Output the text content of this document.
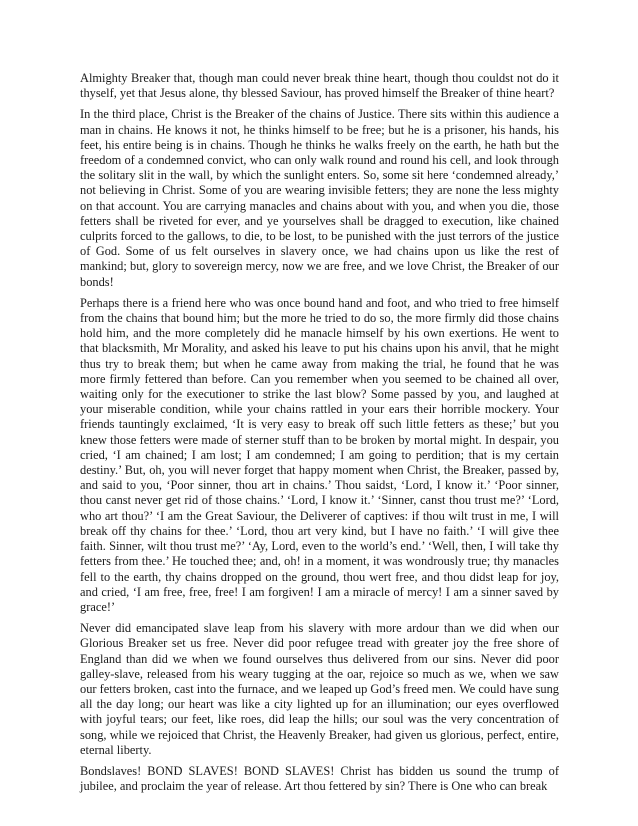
Almighty Breaker that, though man could never break thine heart, though thou couldst not do it thyself, yet that Jesus alone, thy blessed Saviour, has proved himself the Breaker of thine heart?

In the third place, Christ is the Breaker of the chains of Justice. There sits within this audience a man in chains. He knows it not, he thinks himself to be free; but he is a prisoner, his hands, his feet, his entire being is in chains. Though he thinks he walks freely on the earth, he hath but the freedom of a condemned convict, who can only walk round and round his cell, and look through the solitary slit in the wall, by which the sunlight enters. So, some sit here ‘condemned already,’ not believing in Christ. Some of you are wearing invisible fetters; they are none the less mighty on that account. You are carrying manacles and chains about with you, and when you die, those fetters shall be riveted for ever, and ye yourselves shall be dragged to execution, like chained culprits forced to the gallows, to die, to be lost, to be punished with the just terrors of the justice of God. Some of us felt ourselves in slavery once, we had chains upon us like the rest of mankind; but, glory to sovereign mercy, now we are free, and we love Christ, the Breaker of our bonds!

Perhaps there is a friend here who was once bound hand and foot, and who tried to free himself from the chains that bound him; but the more he tried to do so, the more firmly did those chains hold him, and the more completely did he manacle himself by his own exertions. He went to that blacksmith, Mr Morality, and asked his leave to put his chains upon his anvil, that he might thus try to break them; but when he came away from making the trial, he found that he was more firmly fettered than before. Can you remember when you seemed to be chained all over, waiting only for the executioner to strike the last blow? Some passed by you, and laughed at your miserable condition, while your chains rattled in your ears their horrible mockery. Your friends tauntingly exclaimed, ‘It is very easy to break off such little fetters as these;’ but you knew those fetters were made of sterner stuff than to be broken by mortal might. In despair, you cried, ‘I am chained; I am lost; I am condemned; I am going to perdition; that is my certain destiny.’ But, oh, you will never forget that happy moment when Christ, the Breaker, passed by, and said to you, ‘Poor sinner, thou art in chains.’ Thou saidst, ‘Lord, I know it.’ ‘Poor sinner, thou canst never get rid of those chains.’ ‘Lord, I know it.’ ‘Sinner, canst thou trust me?’ ‘Lord, who art thou?’ ‘I am the Great Saviour, the Deliverer of captives: if thou wilt trust in me, I will break off thy chains for thee.’ ‘Lord, thou art very kind, but I have no faith.’ ‘I will give thee faith. Sinner, wilt thou trust me?’ ‘Ay, Lord, even to the world’s end.’ ‘Well, then, I will take thy fetters from thee.’ He touched thee; and, oh! in a moment, it was wondrously true; thy manacles fell to the earth, thy chains dropped on the ground, thou wert free, and thou didst leap for joy, and cried, ‘I am free, free, free! I am forgiven! I am a miracle of mercy! I am a sinner saved by grace!’

Never did emancipated slave leap from his slavery with more ardour than we did when our Glorious Breaker set us free. Never did poor refugee tread with greater joy the free shore of England than did we when we found ourselves thus delivered from our sins. Never did poor galley-slave, released from his weary tugging at the oar, rejoice so much as we, when we saw our fetters broken, cast into the furnace, and we leaped up God’s freed men. We could have sung all the day long; our heart was like a city lighted up for an illumination; our eyes overflowed with joyful tears; our feet, like roes, did leap the hills; our soul was the very concentration of song, while we rejoiced that Christ, the Heavenly Breaker, had given us glorious, perfect, entire, eternal liberty.

Bondslaves! BOND SLAVES! BOND SLAVES! Christ has bidden us sound the trump of jubilee, and proclaim the year of release. Art thou fettered by sin? There is One who can break
